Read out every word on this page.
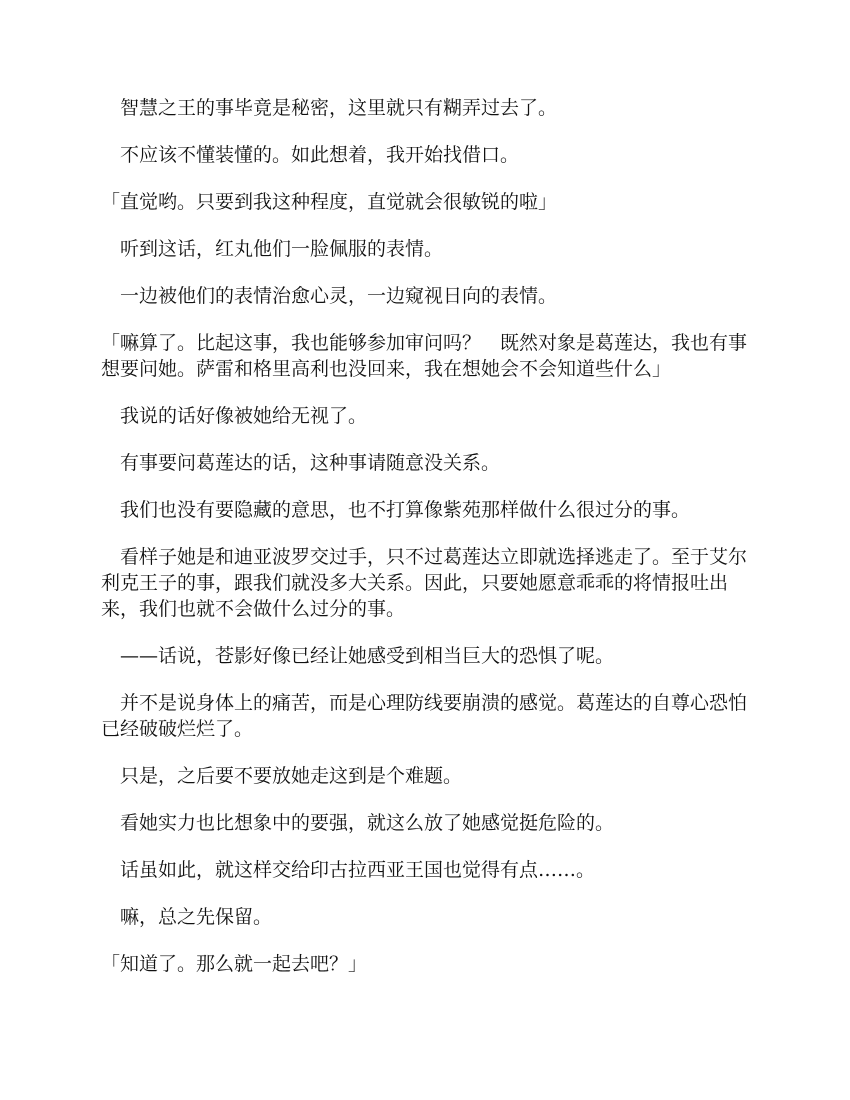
智慧之王的事毕竟是秘密，这里就只有糊弄过去了。

不应该不懂装懂的。如此想着，我开始找借口。

「直觉哟。只要到我这种程度，直觉就会很敏锐的啦」

听到这话，红丸他们一脸佩服的表情。

一边被他们的表情治愈心灵，一边窥视日向的表情。

「嘛算了。比起这事，我也能够参加审问吗？　既然对象是葛莲达，我也有事想要问她。萨雷和格里高利也没回来，我在想她会不会知道些什么」

我说的话好像被她给无视了。

有事要问葛莲达的话，这种事请随意没关系。

我们也没有要隐藏的意思，也不打算像紫苑那样做什么很过分的事。

看样子她是和迪亚波罗交过手，只不过葛莲达立即就选择逃走了。至于艾尔利克王子的事，跟我们就没多大关系。因此，只要她愿意乖乖的将情报吐出来，我们也就不会做什么过分的事。

——话说，苍影好像已经让她感受到相当巨大的恐惧了呢。

并不是说身体上的痛苦，而是心理防线要崩溃的感觉。葛莲达的自尊心恐怕已经破破烂烂了。

只是，之后要不要放她走这到是个难题。

看她实力也比想象中的要强，就这么放了她感觉挺危险的。

话虽如此，就这样交给印古拉西亚王国也觉得有点……。

嘛，总之先保留。

「知道了。那么就一起去吧？」
